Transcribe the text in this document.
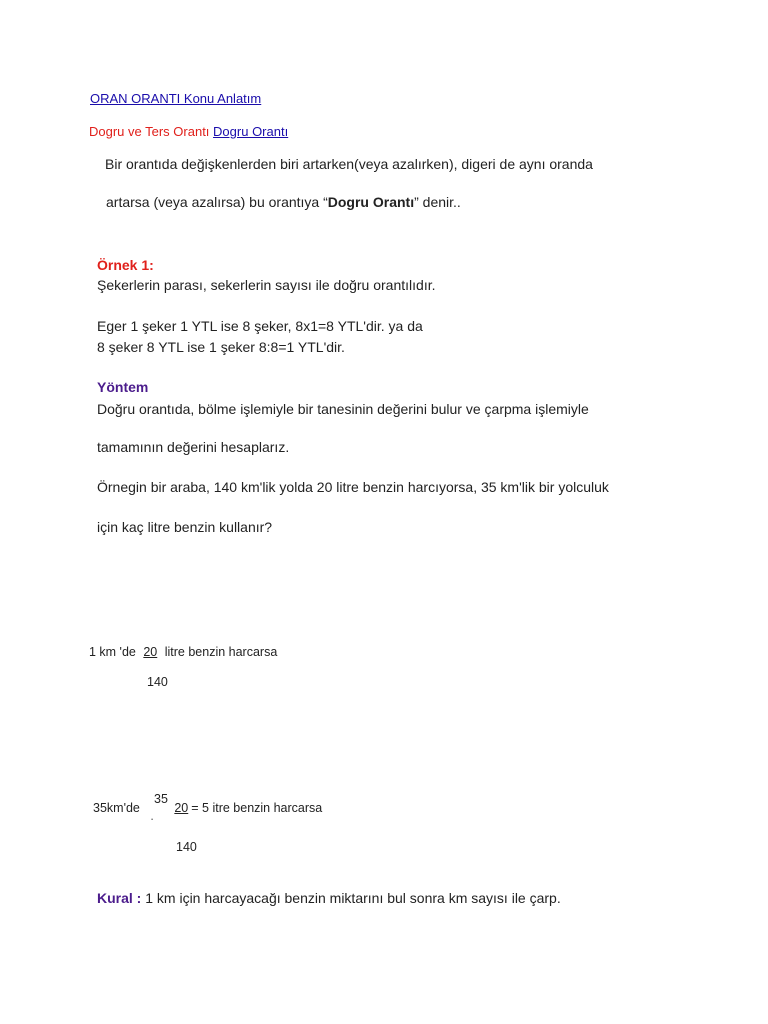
ORAN ORANTI Konu Anlatım
Dogru ve Ters Orantı Dogru Orantı
Bir orantıda değişkenlerden biri artarken(veya azalırken), digeri de aynı oranda
artarsa (veya azalırsa) bu orantıya “Dogru Orantı” denir..
Örnek 1:
Şekerlerin parası, sekerlerin sayısı ile doğru orantılıdır.
Eger 1 şeker 1 YTL ise 8 şeker, 8x1=8 YTL'dir. ya da
8 şeker 8 YTL ise 1 şeker 8:8=1 YTL'dir.
Yöntem
Doğru orantıda, bölme işlemiyle bir tanesinin değerini bulur ve çarpma işlemiyle
tamamının değerini hesaplarız.
Örnegin bir araba, 140 km'lik yolda 20 litre benzin harcıyorsa, 35 km'lik bir yolculuk
için kaç litre benzin kullanır?
1 km 'de 20 litre benzin harcarsa
140
35
·
35km'de	20 = 5 itre benzin harcarsa
140
Kural : 1 km için harcayacağı benzin miktarını bul sonra km sayısı ile çarp.
